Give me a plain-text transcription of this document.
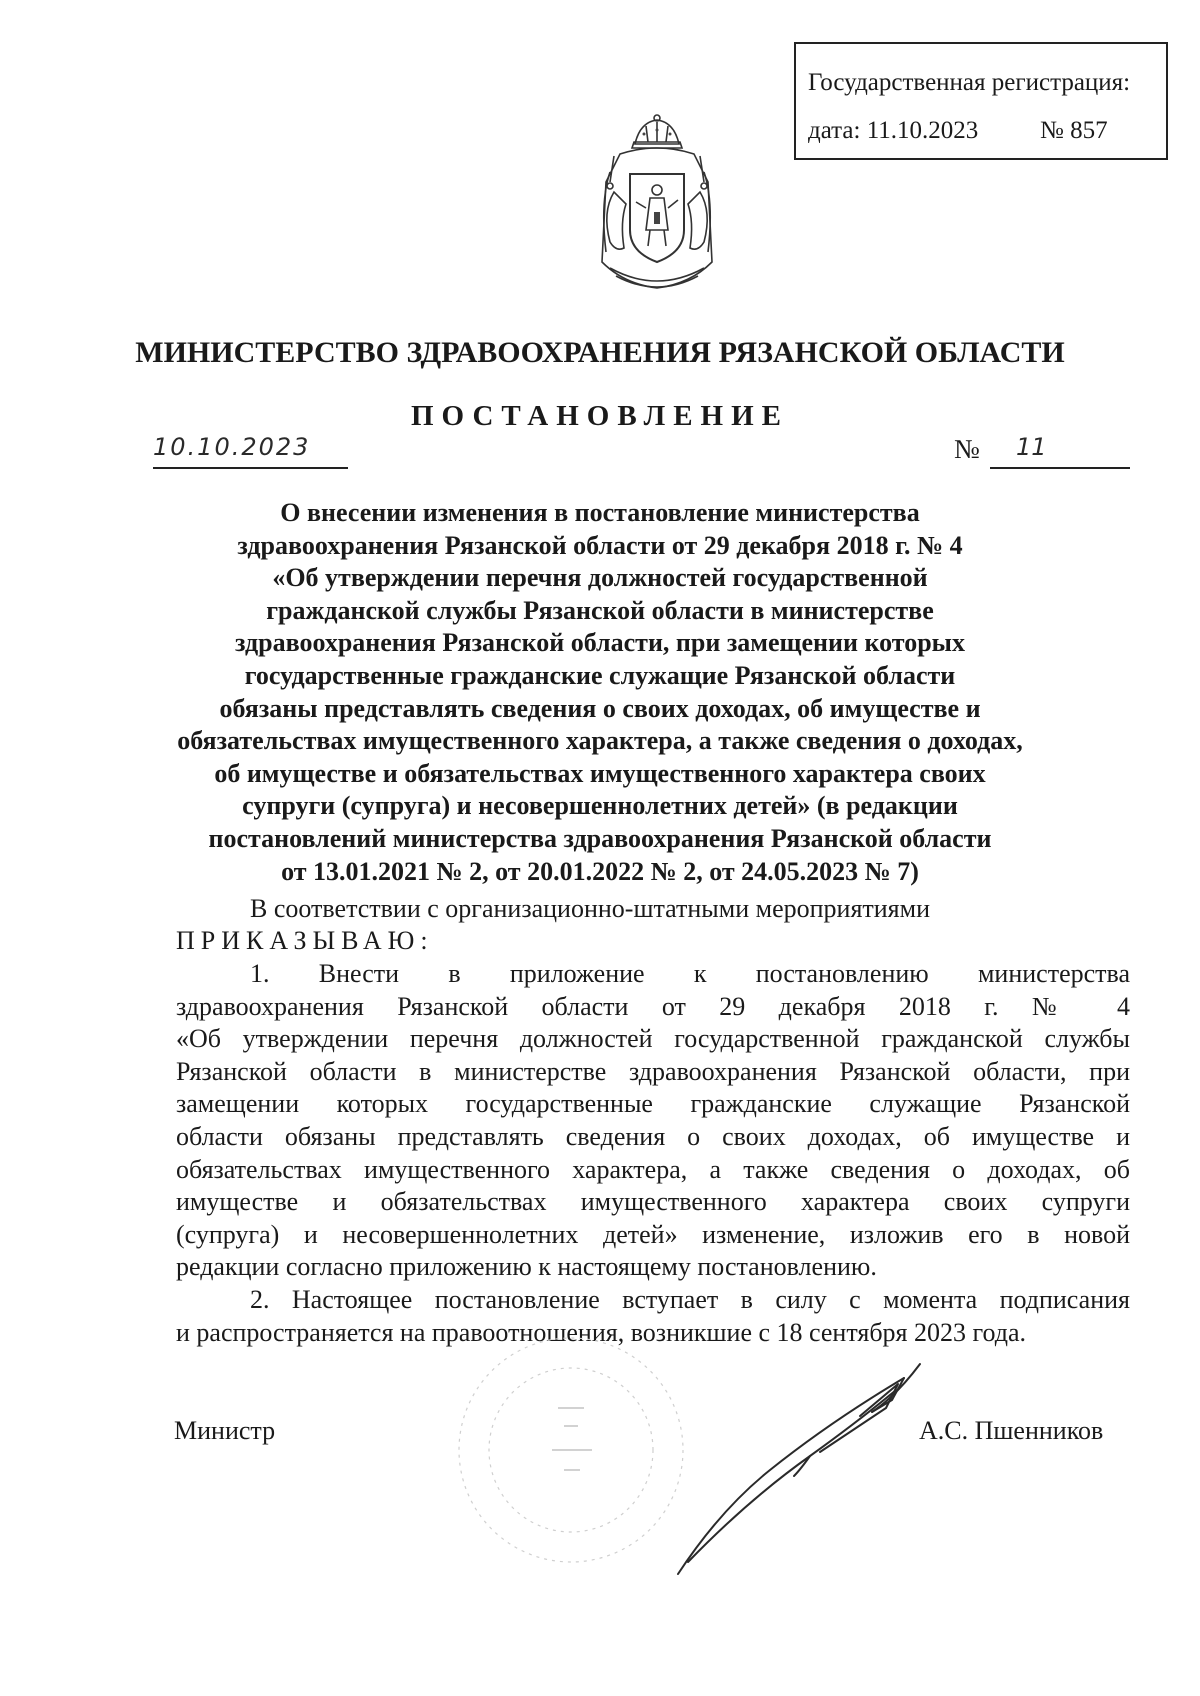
Государственная регистрация:
дата: 11.10.2023 № 857
МИНИСТЕРСТВО ЗДРАВООХРАНЕНИЯ РЯЗАНСКОЙ ОБЛАСТИ
ПОСТАНОВЛЕНИЕ
10.10.2023	№ 11
О внесении изменения в постановление министерства
здравоохранения Рязанской области от 29 декабря 2018 г. № 4
«Об утверждении перечня должностей государственной
гражданской службы Рязанской области в министерстве
здравоохранения Рязанской области, при замещении которых
государственные гражданские служащие Рязанской области
обязаны представлять сведения о своих доходах, об имуществе и
обязательствах имущественного характера, а также сведения о доходах,
об имуществе и обязательствах имущественного характера своих
супруги (супруга) и несовершеннолетних детей» (в редакции
постановлений министерства здравоохранения Рязанской области
от 13.01.2021 № 2, от 20.01.2022 № 2, от 24.05.2023 № 7)
В соответствии с организационно-штатными мероприятиями
ПРИКАЗЫВАЮ:
1. Внести в приложение к постановлению министерства
здравоохранения Рязанской области от 29 декабря 2018 г. № 4
«Об утверждении перечня должностей государственной гражданской службы
Рязанской области в министерстве здравоохранения Рязанской области, при
замещении которых государственные гражданские служащие Рязанской
области обязаны представлять сведения о своих доходах, об имуществе и
обязательствах имущественного характера, а также сведения о доходах, об
имуществе и обязательствах имущественного характера своих супруги
(супруга) и несовершеннолетних детей» изменение, изложив его в новой
редакции согласно приложению к настоящему постановлению.
2. Настоящее постановление вступает в силу с момента подписания
и распространяется на правоотношения, возникшие с 18 сентября 2023 года.
Министр	А.С. Пшенников
